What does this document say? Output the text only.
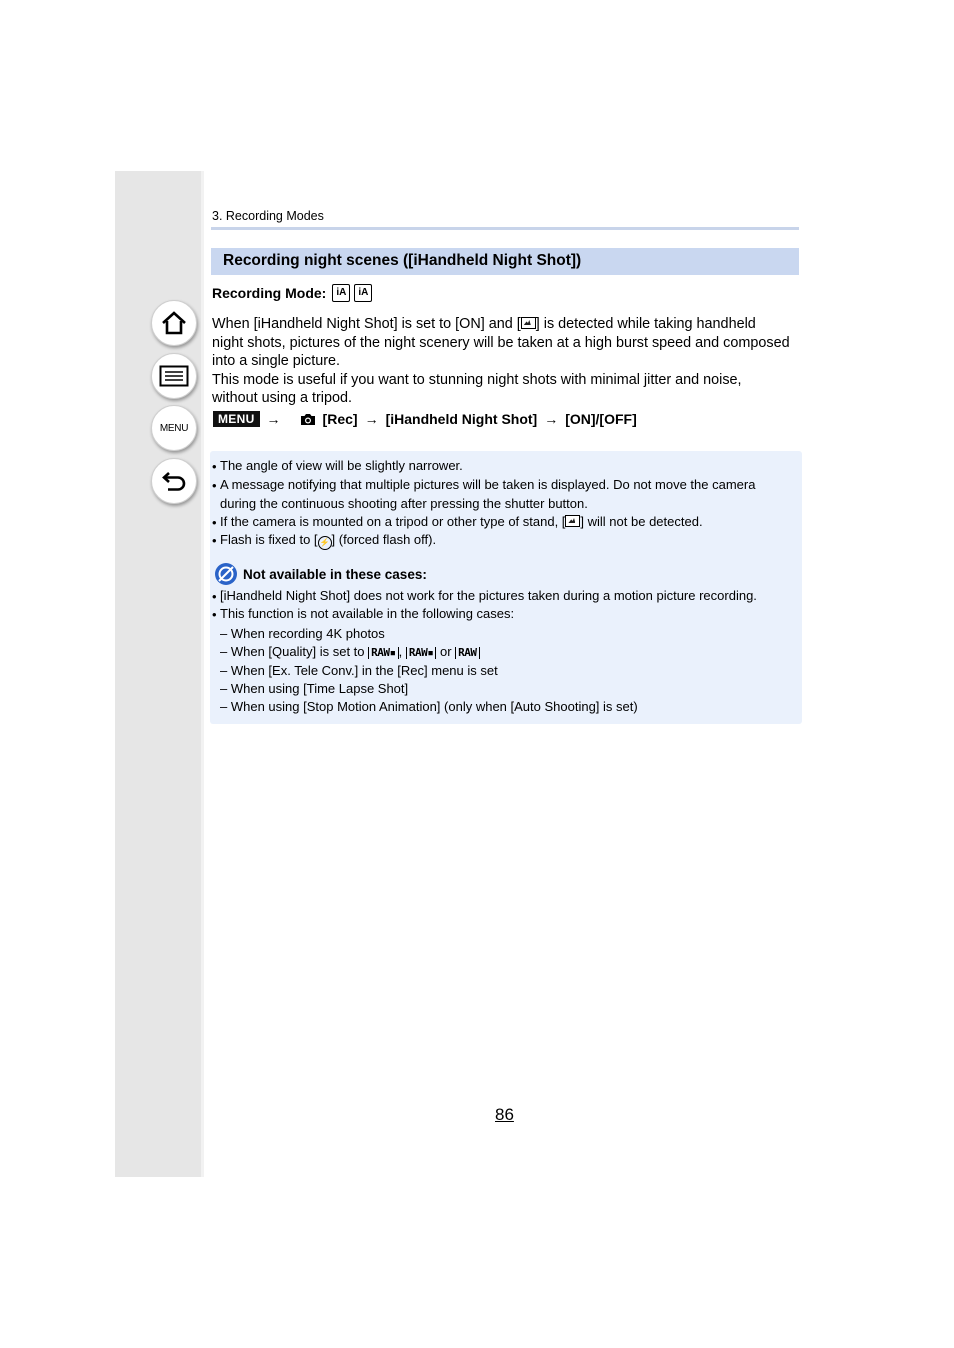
MENU
3. Recording Modes
Recording night scenes ([iHandheld Night Shot])
Recording Mode:	iA	iA
When [iHandheld Night Shot] is set to [ON] and [ ] is detected while taking handheld
night shots, pictures of the night scenery will be taken at a high burst speed and composed
into a single picture.
This mode is useful if you want to stunning night shots with minimal jitter and noise,
without using a tripod.
MENU →	[Rec] → [iHandheld Night Shot] → [ON]/[OFF]
• The angle of view will be slightly narrower.
• A message notifying that multiple pictures will be taken is displayed. Do not move the camera
during the continuous shooting after pressing the shutter button.
• If the camera is mounted on a tripod or other type of stand, [ ] will not be detected.
• Flash is fixed to [ ⚡ ] (forced flash off).
Not available in these cases:
• [iHandheld Night Shot] does not work for the pictures taken during a motion picture recording.
• This function is not available in the following cases:
– When recording 4K photos
– When [Quality] is set to RAW▪ , RAW▪ or RAW
– When [Ex. Tele Conv.] in the [Rec] menu is set
– When using [Time Lapse Shot]
– When using [Stop Motion Animation] (only when [Auto Shooting] is set)
86
